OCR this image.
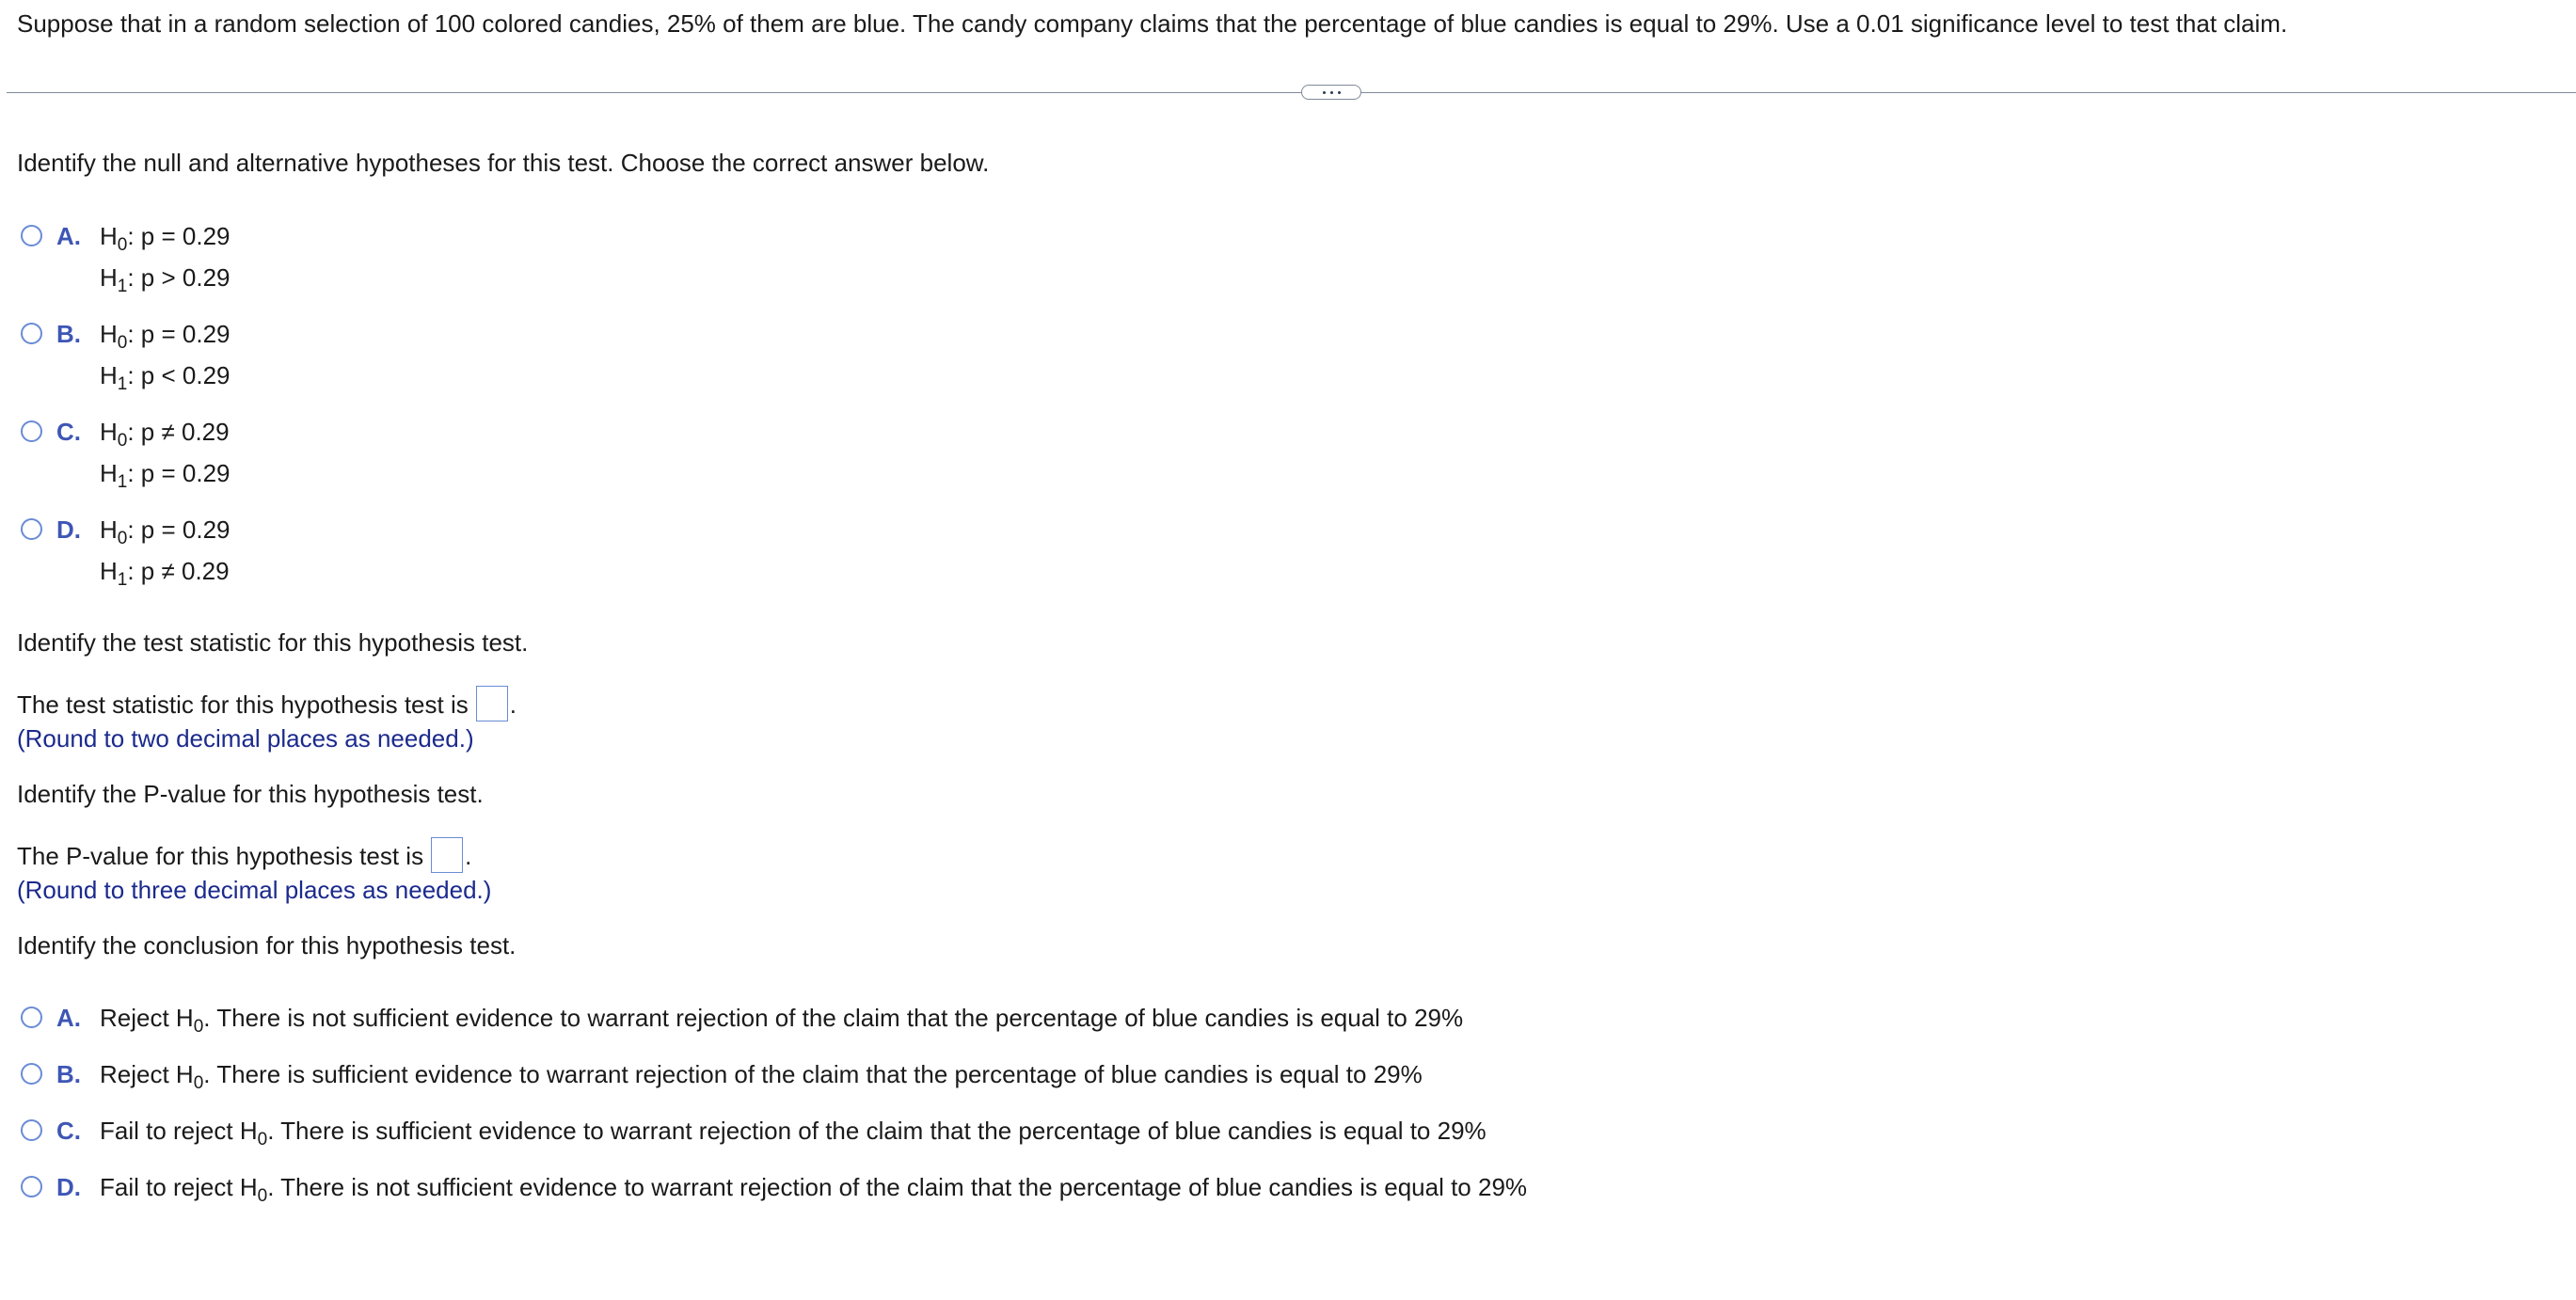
Suppose that in a random selection of 100 colored candies, 25% of them are blue. The candy company claims that the percentage of blue candies is equal to 29%. Use a 0.01 significance level to test that claim.
Identify the null and alternative hypotheses for this test. Choose the correct answer below.
A. $H_0$: p = 0.29
$H_1$: p > 0.29
B. $H_0$: p = 0.29
$H_1$: p < 0.29
C. $H_0$: p ≠ 0.29
$H_1$: p = 0.29
D. $H_0$: p = 0.29
$H_1$: p ≠ 0.29
Identify the test statistic for this hypothesis test.
The test statistic for this hypothesis test is .
(Round to two decimal places as needed.)
Identify the P-value for this hypothesis test.
The P-value for this hypothesis test is .
(Round to three decimal places as needed.)
Identify the conclusion for this hypothesis test.
A. Reject $H_0$. There is not sufficient evidence to warrant rejection of the claim that the percentage of blue candies is equal to 29%
B. Reject $H_0$. There is sufficient evidence to warrant rejection of the claim that the percentage of blue candies is equal to 29%
C. Fail to reject $H_0$. There is sufficient evidence to warrant rejection of the claim that the percentage of blue candies is equal to 29%
D. Fail to reject $H_0$. There is not sufficient evidence to warrant rejection of the claim that the percentage of blue candies is equal to 29%
